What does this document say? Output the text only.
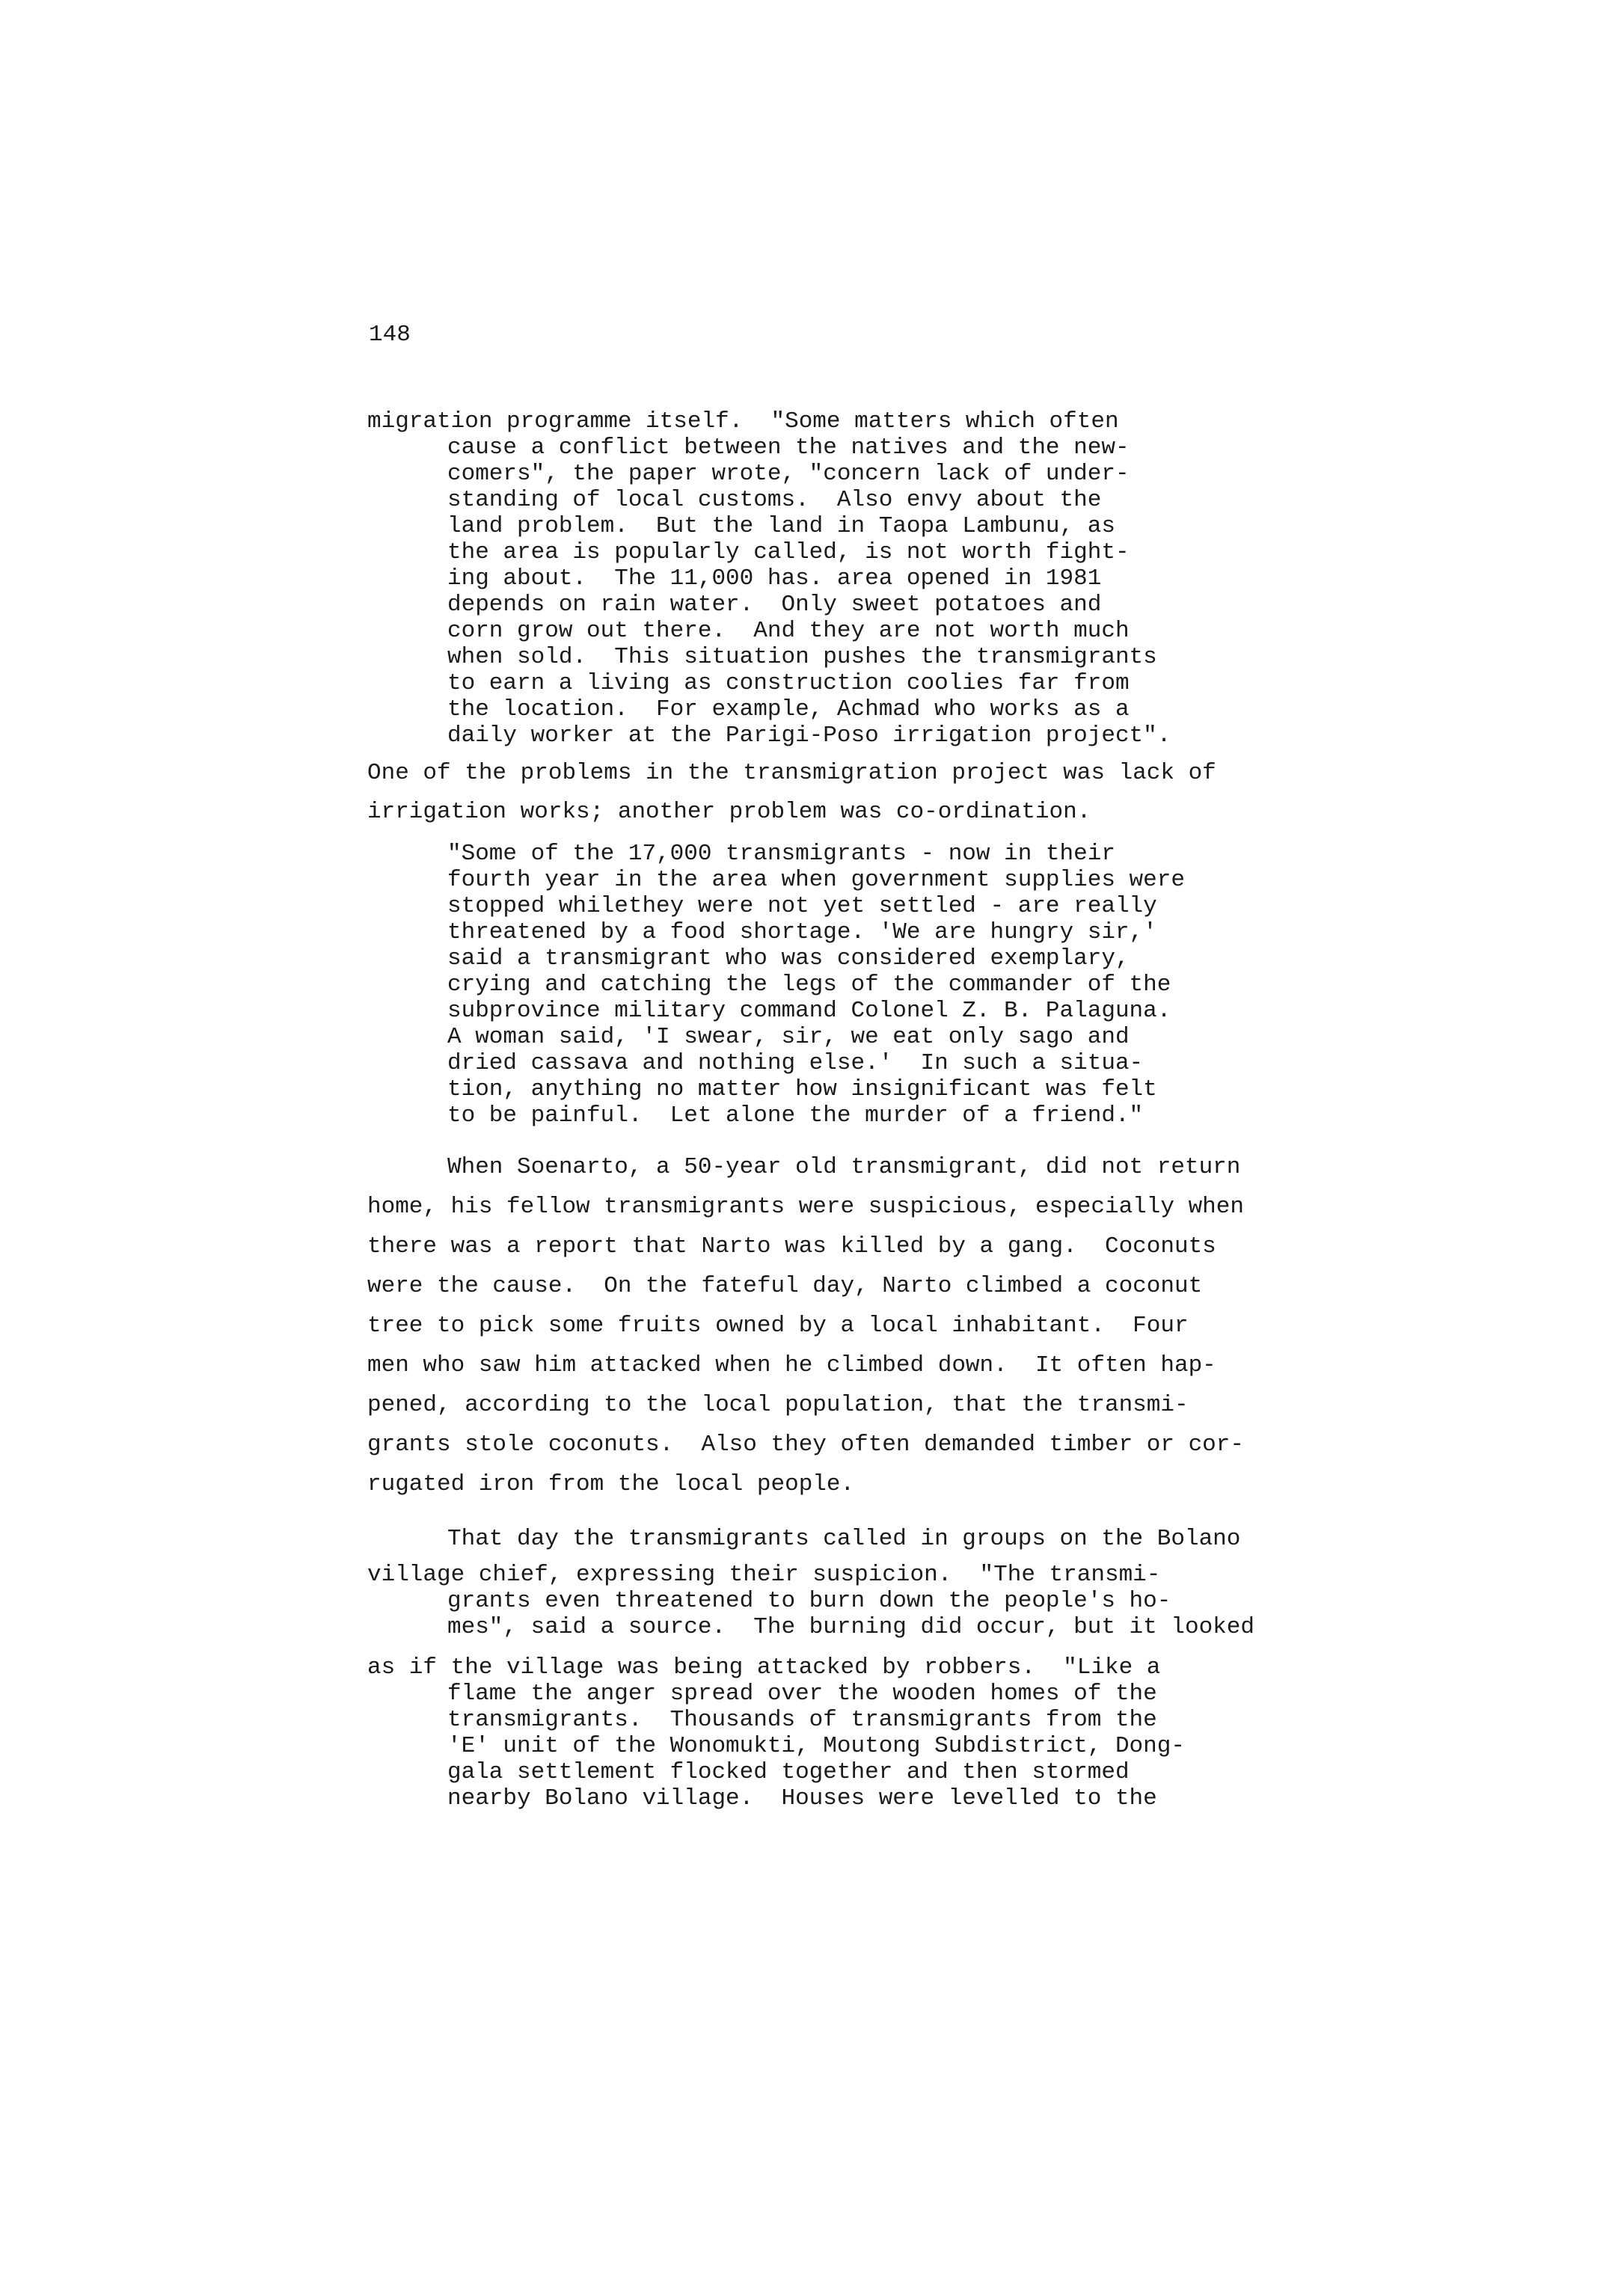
148

migration programme itself.  "Some matters which often

cause a conflict between the natives and the new-

comers", the paper wrote, "concern lack of under-

standing of local customs.  Also envy about the

land problem.  But the land in Taopa Lambunu, as

the area is popularly called, is not worth fight-

ing about.  The 11,000 has. area opened in 1981

depends on rain water.  Only sweet potatoes and

corn grow out there.  And they are not worth much

when sold.  This situation pushes the transmigrants

to earn a living as construction coolies far from

the location.  For example, Achmad who works as a

daily worker at the Parigi-Poso irrigation project".

One of the problems in the transmigration project was lack of

irrigation works; another problem was co-ordination.

"Some of the 17,000 transmigrants - now in their

fourth year in the area when government supplies were

stopped whilethey were not yet settled - are really

threatened by a food shortage. 'We are hungry sir,'

said a transmigrant who was considered exemplary,

crying and catching the legs of the commander of the

subprovince military command Colonel Z. B. Palaguna.

A woman said, 'I swear, sir, we eat only sago and

dried cassava and nothing else.'  In such a situa-

tion, anything no matter how insignificant was felt

to be painful.  Let alone the murder of a friend."

When Soenarto, a 50-year old transmigrant, did not return

home, his fellow transmigrants were suspicious, especially when

there was a report that Narto was killed by a gang.  Coconuts

were the cause.  On the fateful day, Narto climbed a coconut

tree to pick some fruits owned by a local inhabitant.  Four

men who saw him attacked when he climbed down.  It often hap-

pened, according to the local population, that the transmi-

grants stole coconuts.  Also they often demanded timber or cor-

rugated iron from the local people.

That day the transmigrants called in groups on the Bolano

village chief, expressing their suspicion.  "The transmi-

grants even threatened to burn down the people's ho-

mes", said a source.  The burning did occur, but it looked

as if the village was being attacked by robbers.  "Like a

flame the anger spread over the wooden homes of the

transmigrants.  Thousands of transmigrants from the

'E' unit of the Wonomukti, Moutong Subdistrict, Dong-

gala settlement flocked together and then stormed

nearby Bolano village.  Houses were levelled to the
